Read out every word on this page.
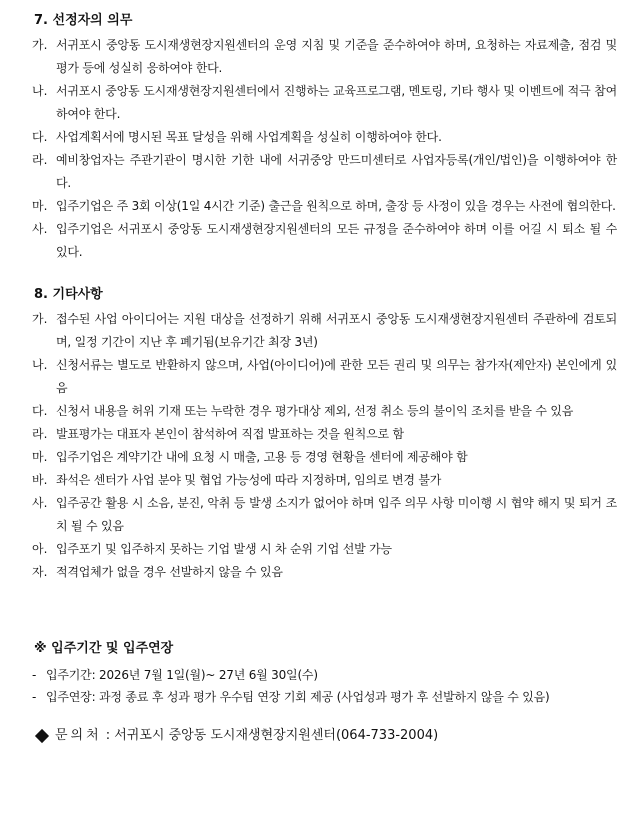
7. 선정자의 의무
가. 서귀포시 중앙동 도시재생현장지원센터의 운영 지침 및 기준을 준수하여야 하며, 요청하는 자료제출, 점검 및 평가 등에 성실히 응하여야 한다.
나. 서귀포시 중앙동 도시재생현장지원센터에서 진행하는 교육프로그램, 멘토링, 기타 행사 및 이벤트에 적극 참여 하여야 한다.
다. 사업계획서에 명시된 목표 달성을 위해 사업계획을 성실히 이행하여야 한다.
라. 예비창업자는 주관기관이 명시한 기한 내에 서귀중앙 만드미센터로 사업자등록(개인/법인)을 이행하여야 한다.
마. 입주기업은 주 3회 이상(1일 4시간 기준) 출근을 원칙으로 하며, 출장 등 사정이 있을 경우는 사전에 협의한다.
사. 입주기업은 서귀포시 중앙동 도시재생현장지원센터의 모든 규정을 준수하여야 하며 이를 어길 시 퇴소 될 수 있다.
8. 기타사항
가. 접수된 사업 아이디어는 지원 대상을 선정하기 위해 서귀포시 중앙동 도시재생현장지원센터 주관하에 검토되며, 일정 기간이 지난 후 폐기됨(보유기간 최장 3년)
나. 신청서류는 별도로 반환하지 않으며, 사업(아이디어)에 관한 모든 권리 및 의무는 참가자(제안자) 본인에게 있음
다. 신청서 내용을 허위 기재 또는 누락한 경우 평가대상 제외, 선정 취소 등의 불이익 조치를 받을 수 있음
라. 발표평가는 대표자 본인이 참석하여 직접 발표하는 것을 원칙으로 함
마. 입주기업은 계약기간 내에 요청 시 매출, 고용 등 경영 현황을 센터에 제공해야 함
바. 좌석은 센터가 사업 분야 및 협업 가능성에 따라 지정하며, 임의로 변경 불가
사. 입주공간 활용 시 소음, 분진, 악취 등 발생 소지가 없어야 하며 입주 의무 사항 미이행 시 협약 해지 및 퇴거 조치 될 수 있음
아. 입주포기 및 입주하지 못하는 기업 발생 시 차 순위 기업 선발 가능
자. 적격업체가 없을 경우 선발하지 않을 수 있음
※ 입주기간 및 입주연장
- 입주기간: 2026년 7월 1일(월)~ 27년 6월 30일(수)
- 입주연장: 과정 종료 후 성과 평가 우수팀 연장 기회 제공 (사업성과 평가 후 선발하지 않을 수 있음)
문의처 : 서귀포시 중앙동 도시재생현장지원센터(064-733-2004)
